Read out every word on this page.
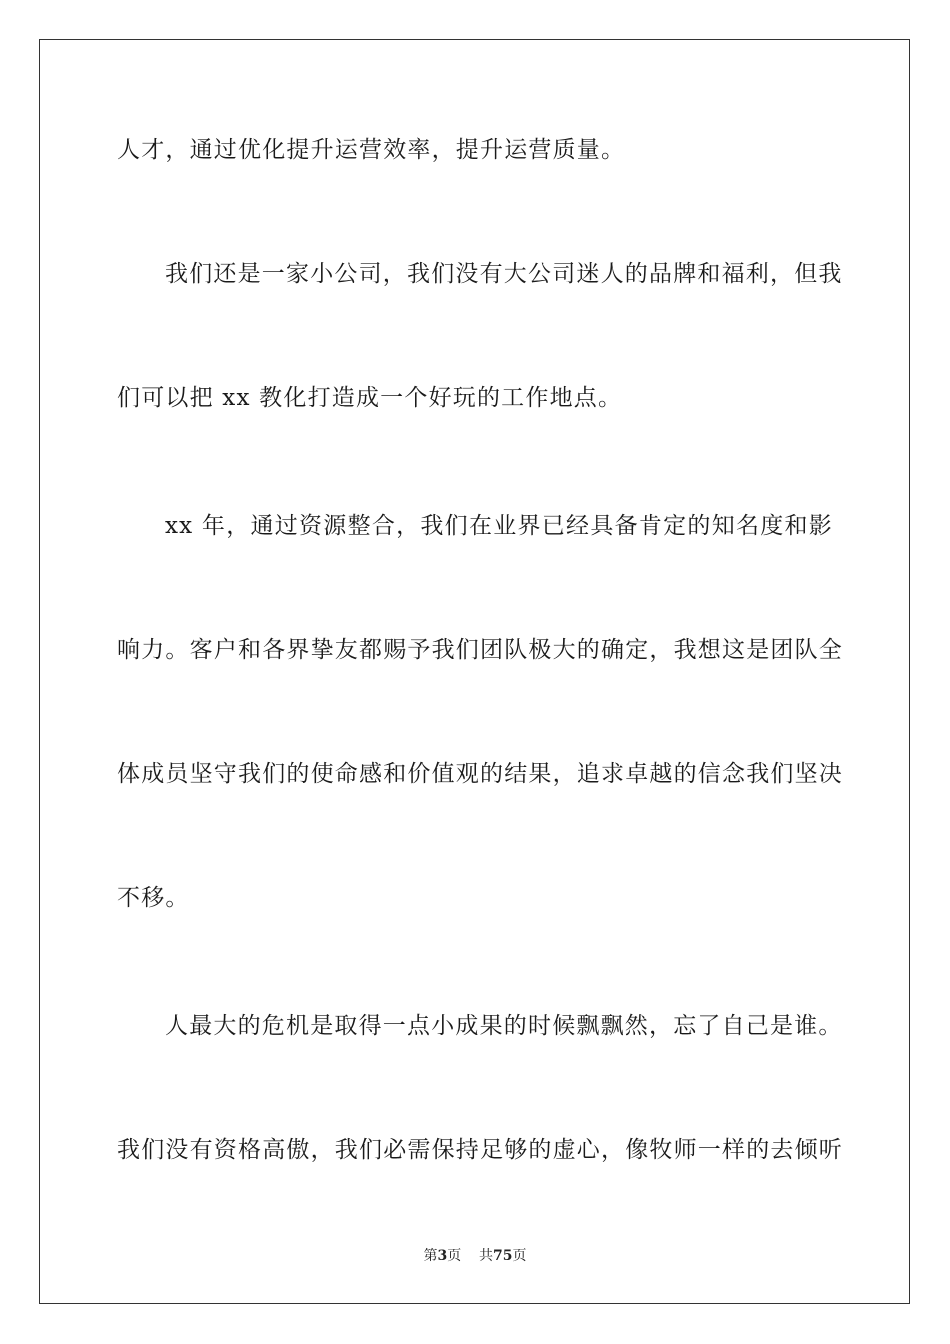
人才，通过优化提升运营效率，提升运营质量。
我们还是一家小公司，我们没有大公司迷人的品牌和福利，但我
们可以把 xx 教化打造成一个好玩的工作地点。
xx 年，通过资源整合，我们在业界已经具备肯定的知名度和影
响力。客户和各界挚友都赐予我们团队极大的确定，我想这是团队全
体成员坚守我们的使命感和价值观的结果，追求卓越的信念我们坚决
不移。
人最大的危机是取得一点小成果的时候飘飘然，忘了自己是谁。
我们没有资格高傲，我们必需保持足够的虚心，像牧师一样的去倾听
第3页 共75页
